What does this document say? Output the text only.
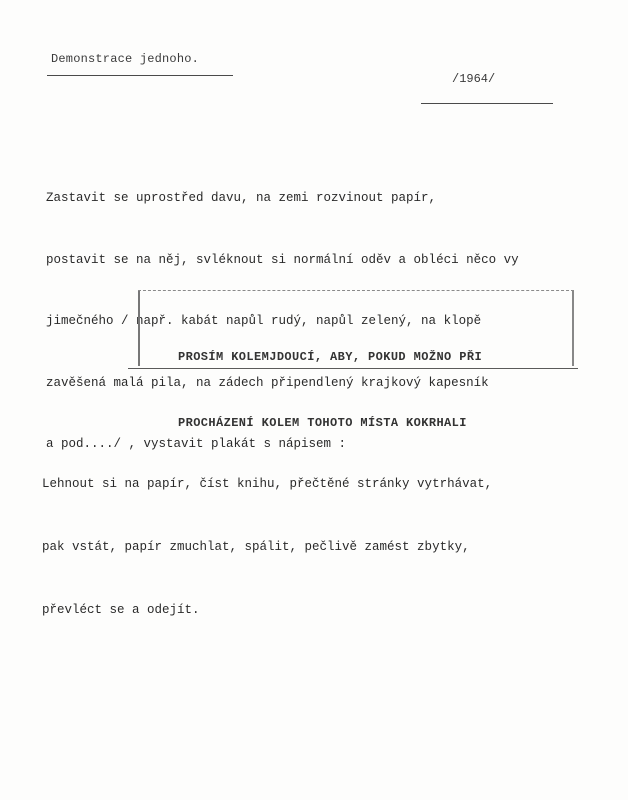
Demonstrace jednoho.
/1964/

Zastavit se uprostřed davu, na zemi rozvinout papír,

postavit se na něj, svléknout si normální oděv a obléci něco vy

jimečného / např. kabát napůl rudý, napůl zelený, na klopě

zavěšená malá pila, na zádech připendlený krajkový kapesník

a pod..../ , vystavit plakát s nápisem :

PROSÍM KOLEMJDOUCÍ, ABY, POKUD MOŽNO PŘI

PROCHÁZENÍ KOLEM TOHOTO MÍSTA KOKRHALI

Lehnout si na papír, číst knihu, přečtěné stránky vytrhávat,

pak vstát, papír zmuchlat, spálit, pečlivě zamést zbytky,

převléct se a odejít.
